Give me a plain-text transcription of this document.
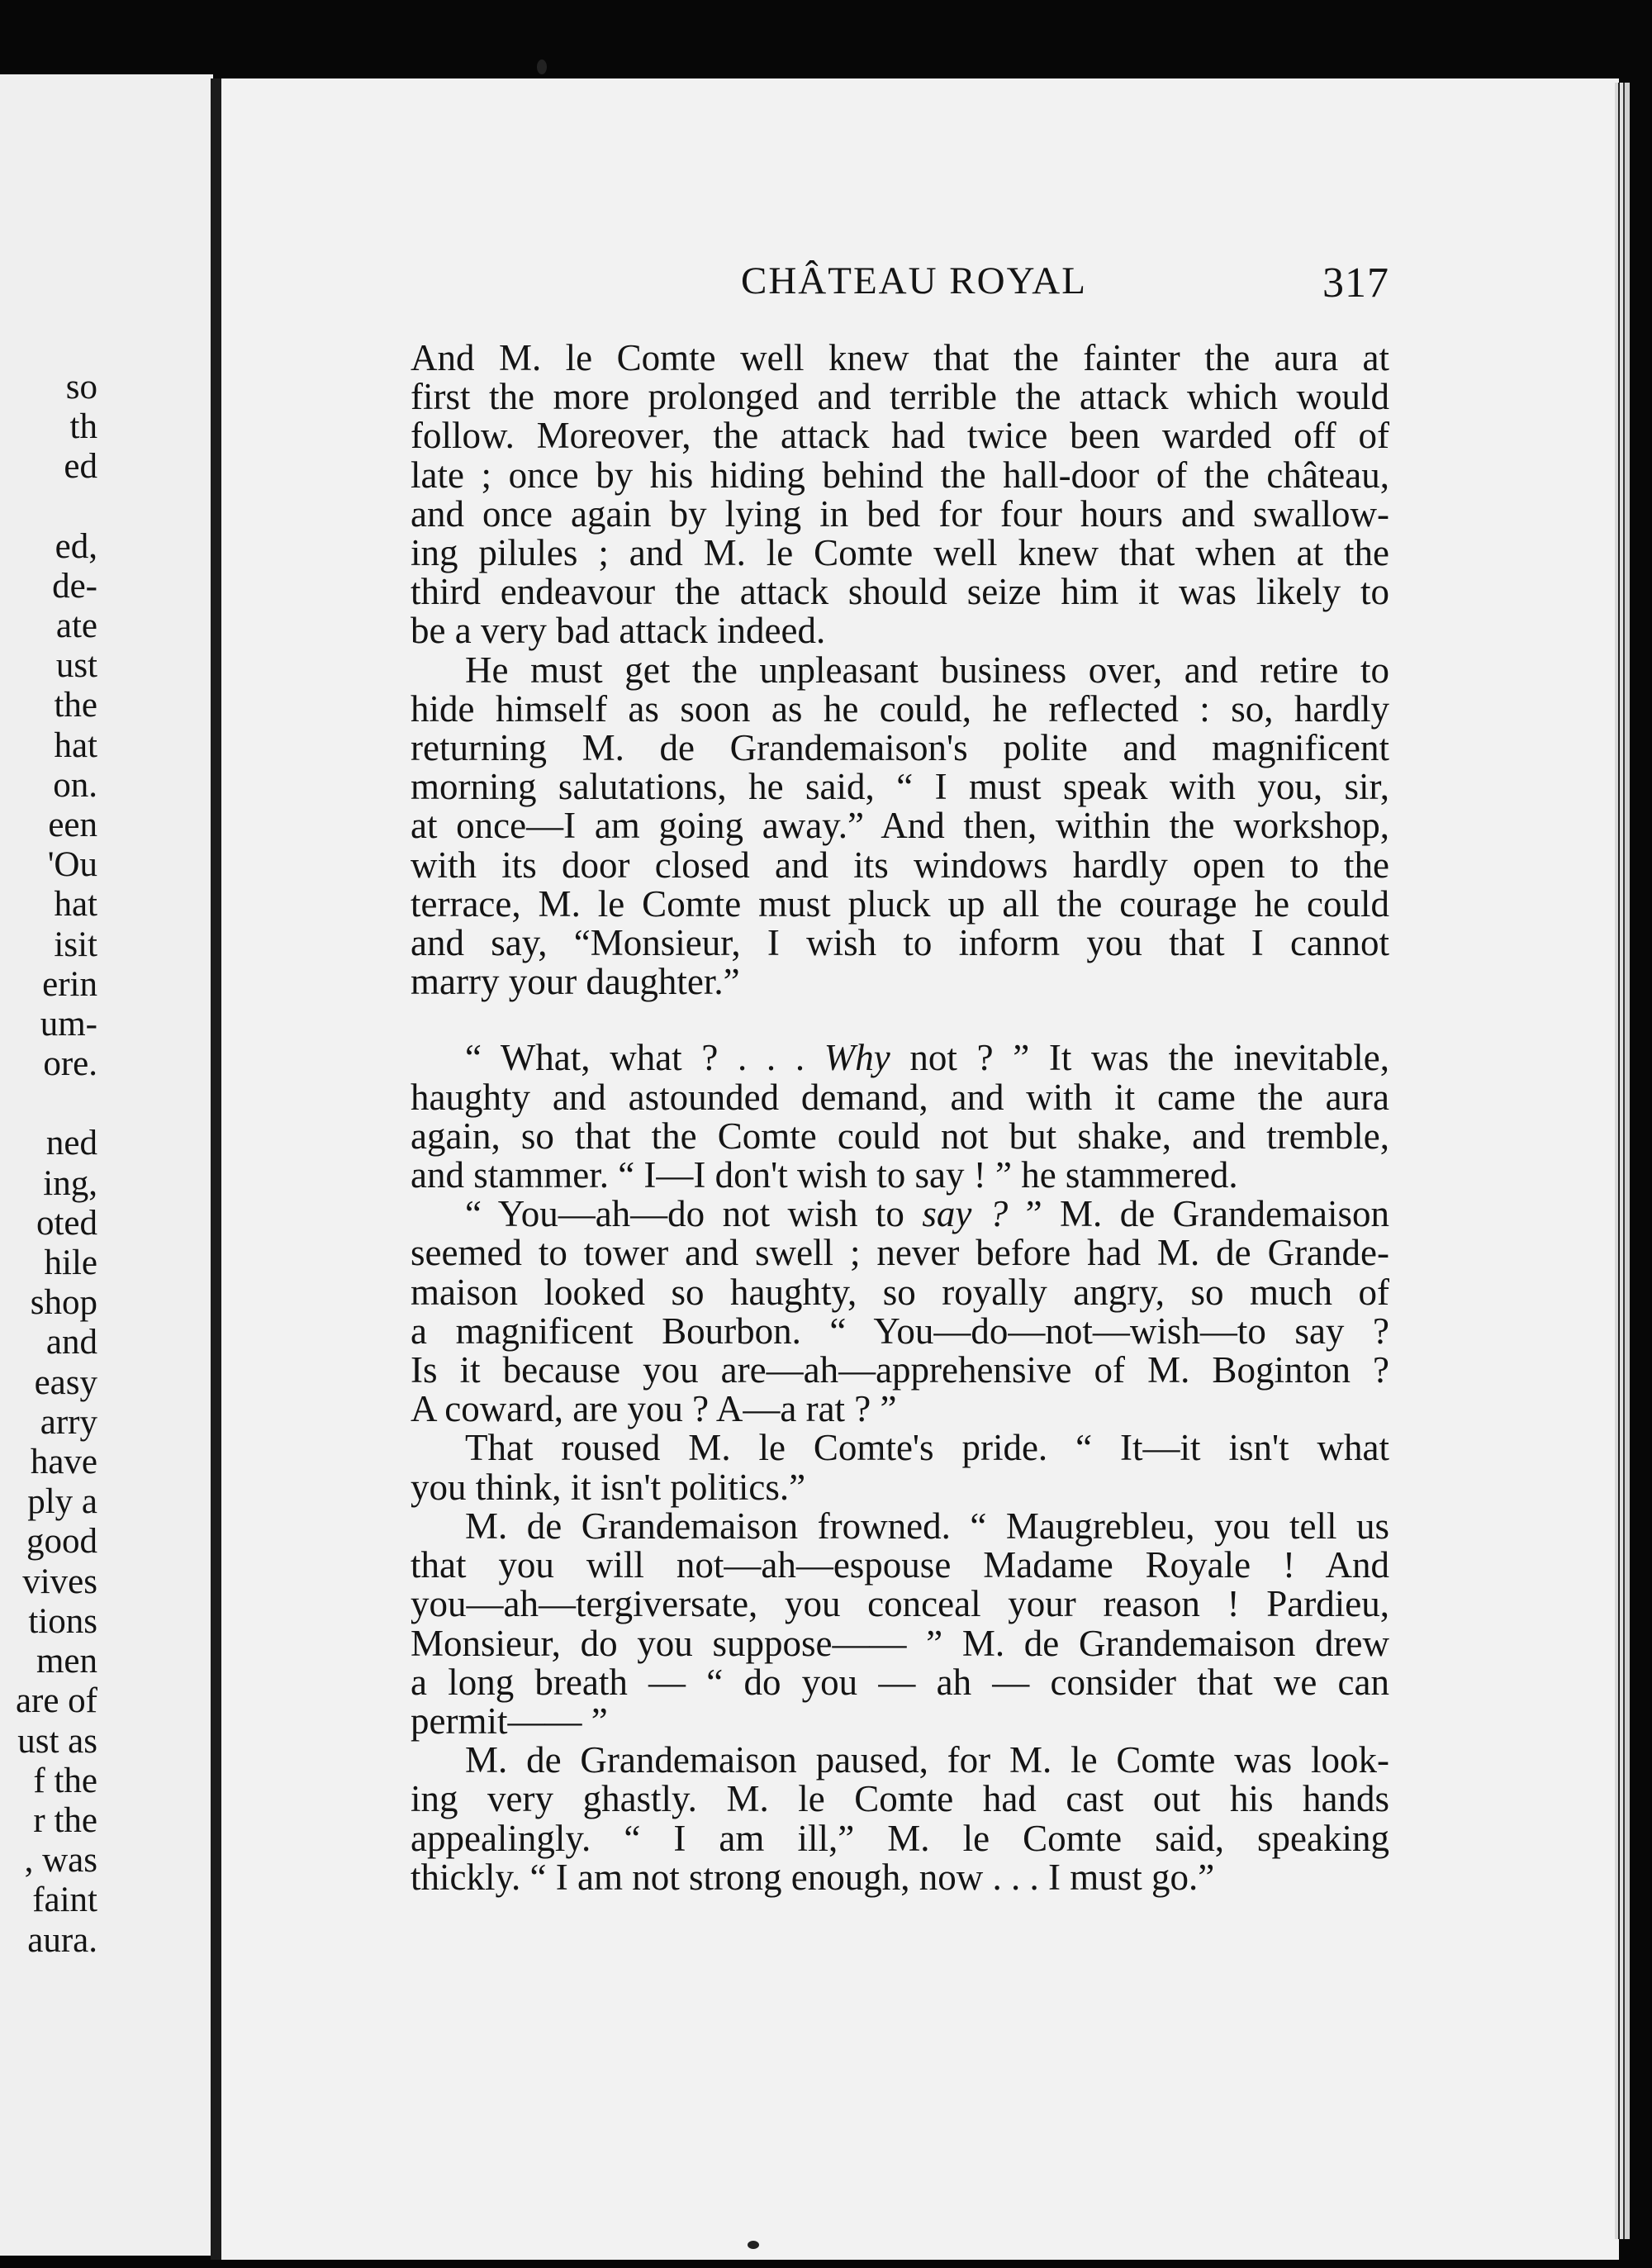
so
th
ed

ed,
de-
ate
ust
the
hat
on.
een
'Ou
hat
isit
erin
um-
ore.

ned
ing,
oted
hile
shop
and
easy
arry
have
ply a
good
vives
tions
men
are of
ust as
f the
r the
, was
faint
aura.
CHÂTEAU ROYAL	317

And M. le Comte well knew that the fainter the aura at

first the more prolonged and terrible the attack which would

follow. Moreover, the attack had twice been warded off of

late ; once by his hiding behind the hall-door of the château,

and once again by lying in bed for four hours and swallow-

ing pilules ; and M. le Comte well knew that when at the

third endeavour the attack should seize him it was likely to

be a very bad attack indeed.

He must get the unpleasant business over, and retire to

hide himself as soon as he could, he reflected : so, hardly

returning M. de Grandemaison's polite and magnificent

morning salutations, he said, “ I must speak with you, sir,

at once—I am going away.” And then, within the workshop,

with its door closed and its windows hardly open to the

terrace, M. le Comte must pluck up all the courage he could

and say, “Monsieur, I wish to inform you that I cannot

marry your daughter.”

“ What, what ? . . . Why not ? ” It was the inevitable,

haughty and astounded demand, and with it came the aura

again, so that the Comte could not but shake, and tremble,

and stammer. “ I—I don't wish to say ! ” he stammered.

“ You—ah—do not wish to say ? ” M. de Grandemaison

seemed to tower and swell ; never before had M. de Grande-

maison looked so haughty, so royally angry, so much of

a magnificent Bourbon. “ You—do—not—wish—to say ?

Is it because you are—ah—apprehensive of M. Boginton ?

A coward, are you ? A—a rat ? ”

That roused M. le Comte's pride. “ It—it isn't what

you think, it isn't politics.”

M. de Grandemaison frowned. “ Maugrebleu, you tell us

that you will not—ah—espouse Madame Royale ! And

you—ah—tergiversate, you conceal your reason ! Pardieu,

Monsieur, do you suppose—— ” M. de Grandemaison drew

a long breath — “ do you — ah — consider that we can

permit—— ”

M. de Grandemaison paused, for M. le Comte was look-

ing very ghastly. M. le Comte had cast out his hands

appealingly. “ I am ill,” M. le Comte said, speaking

thickly. “ I am not strong enough, now . . . I must go.”
